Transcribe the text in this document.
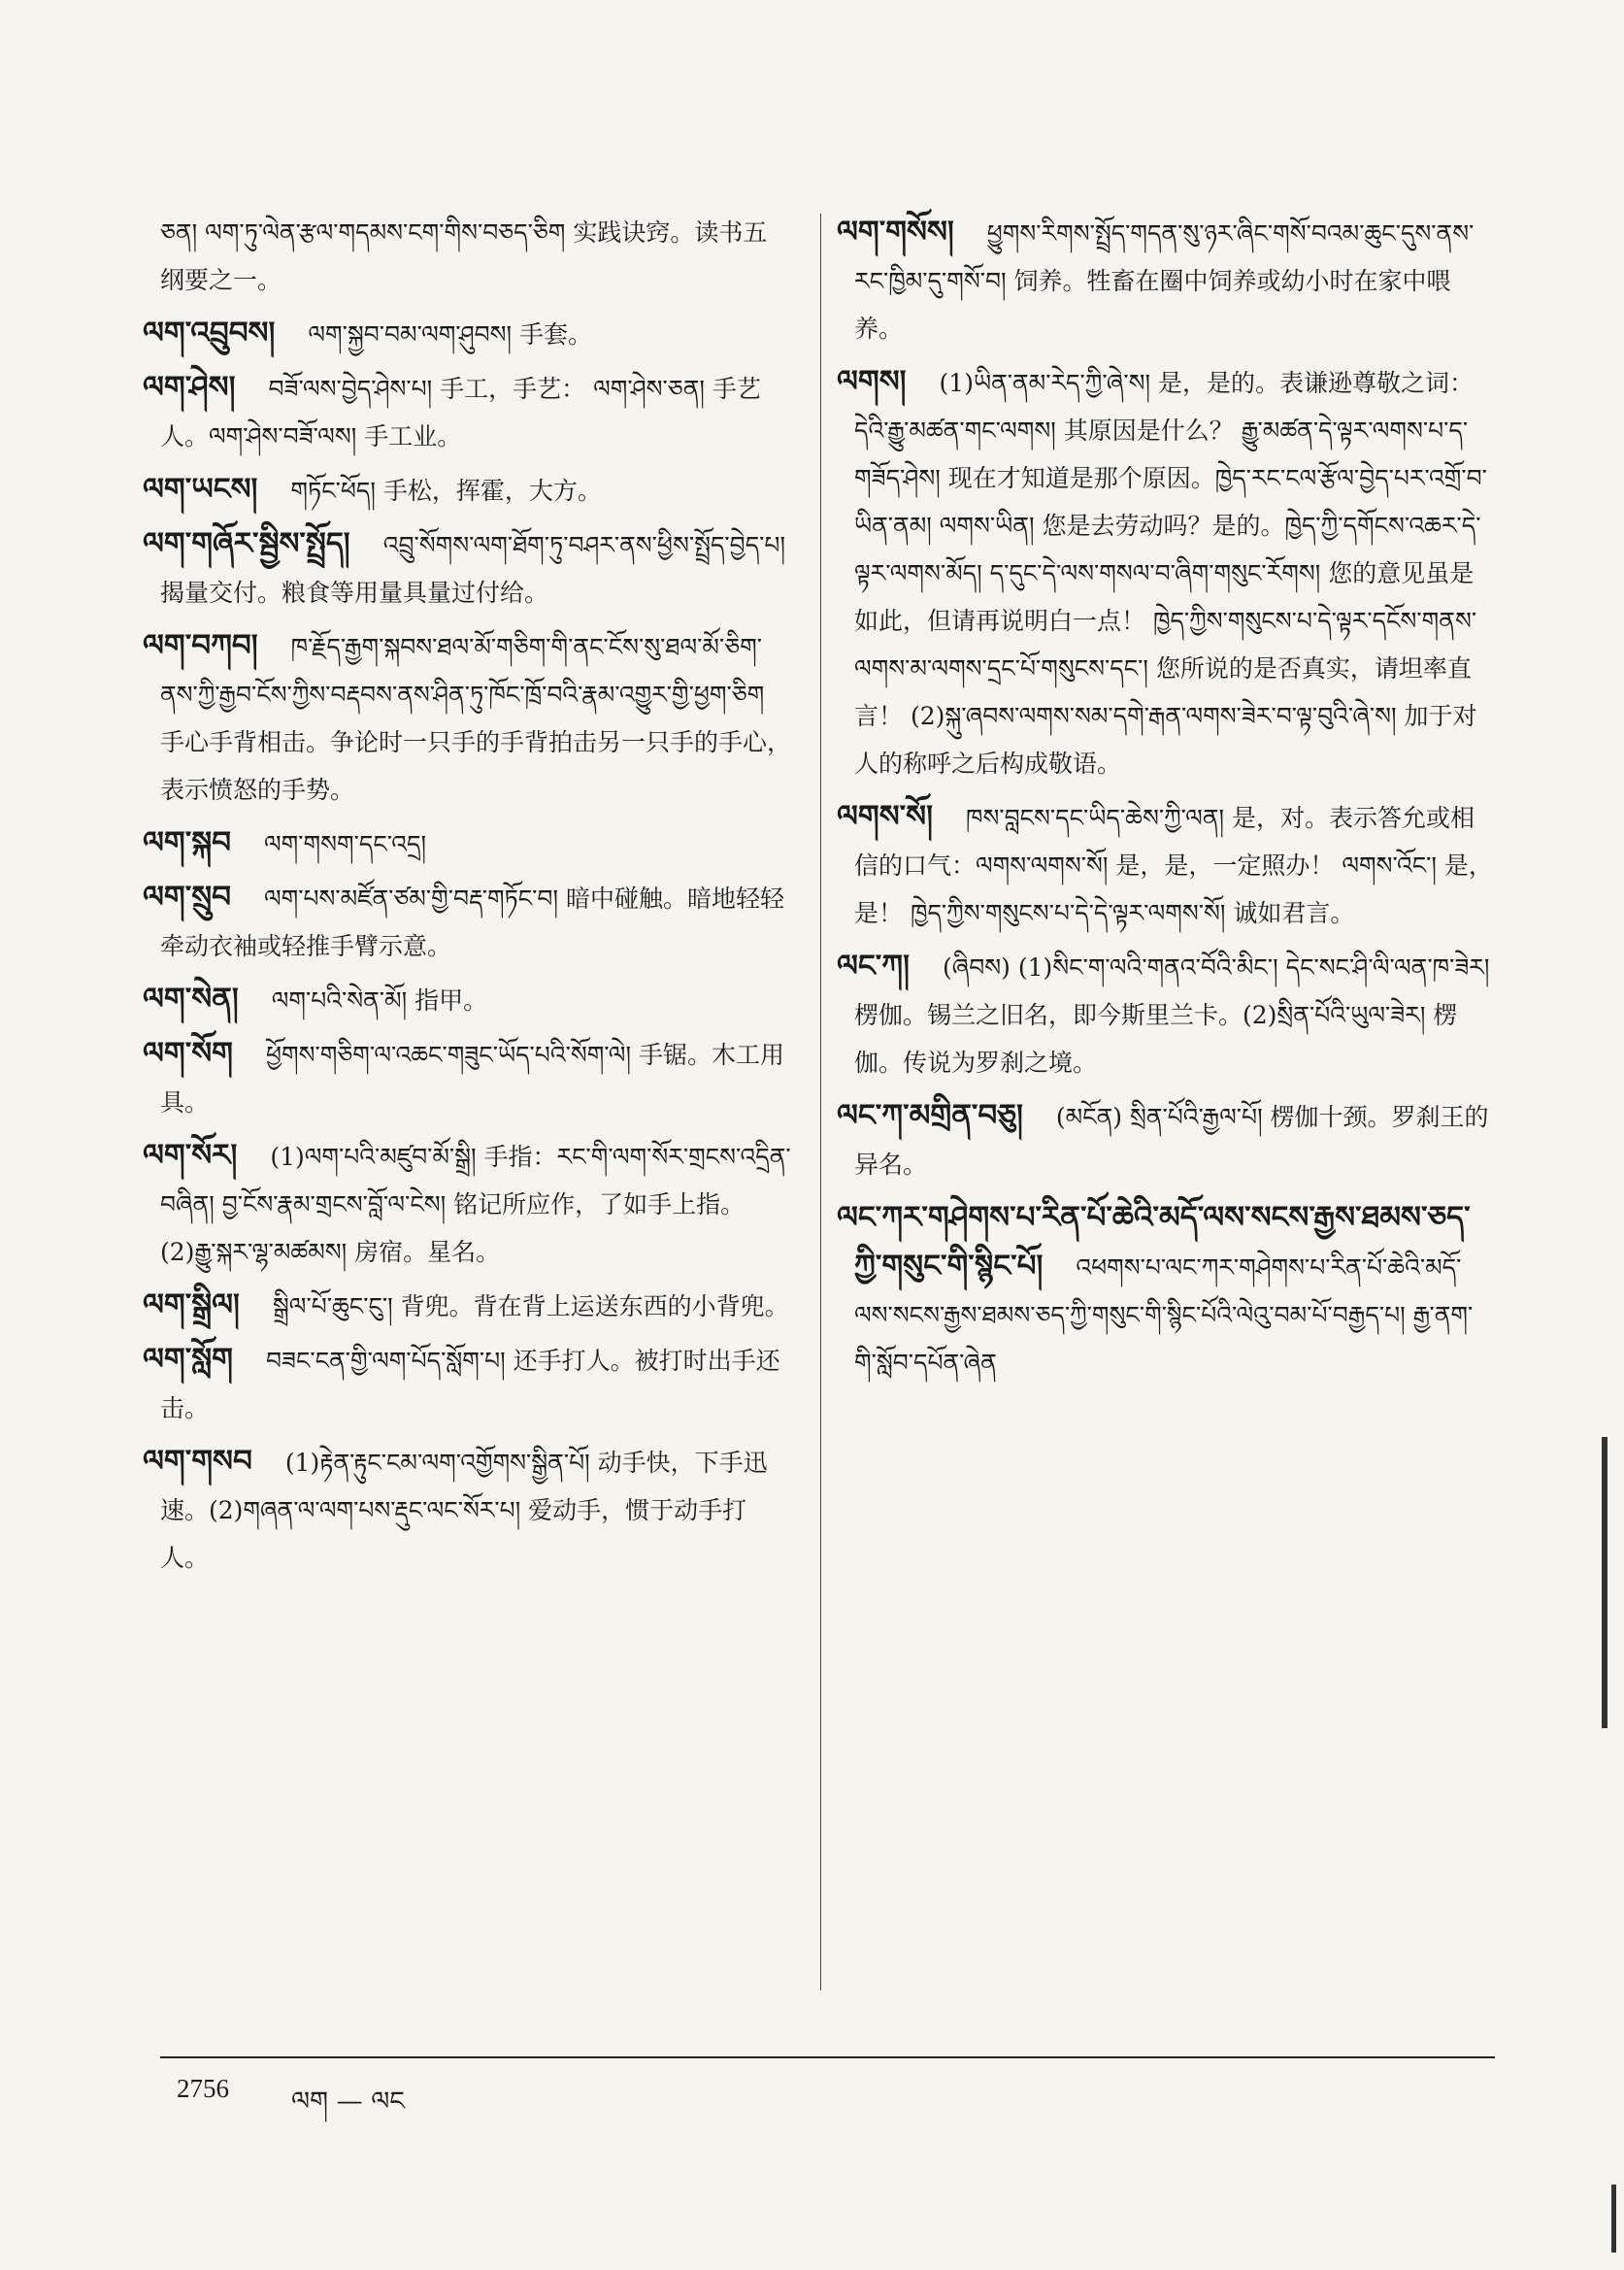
ཅན། ལག་ཏུ་ལེན་རྩལ་གདམས་ངག་གིས་བཅད་ཅིག 实践诀窍。读书五纲要之一。
ལག་འབྲུབས། ལག་སྐྱབ་བམ་ལག་ཤུབས། 手套。
ལག་ཤེས། བཟོ་ལས་བྱེད་ཤེས་པ། 手工，手艺： ལག་ཤེས་ཅན། 手艺人。ལག་ཤེས་བཟོ་ལས། 手工业。
ལག་ཡངས། གཏོང་ཕོད། 手松，挥霍，大方。
ལག་གཞོར་སྦྱིས་སྤྲོད། འབྲུ་སོགས་ལག་ཐོག་ཏུ་བཤར་ནས་ཕྱིས་སྤྲོད་བྱེད་པ། 揭量交付。粮食等用量具量过付给。
ལག་བཀབ། ཁ་རྗོད་རྒྱག་སྐབས་ཐལ་མོ་གཅིག་གི་ནང་ངོས་སུ་ཐལ་མོ་ཅིག་ནས་ཀྱི་རྒྱབ་ངོས་ཀྱིས་བརྡབས་ནས་ཤིན་ཏུ་ཁོང་ཁྲོ་བའི་རྣམ་འགྱུར་གྱི་ཕྱག་ཅིག 手心手背相击。争论时一只手的手背拍击另一只手的手心，表示愤怒的手势。
ལག་སྐབ ལག་གསག་དང་འདྲ།
ལག་སྲུབ ལག་པས་མཛོན་ཙམ་གྱི་བརྡ་གཏོང་བ། 暗中碰触。暗地轻轻牵动衣袖或轻推手臂示意。
ལག་སེན། ལག་པའི་སེན་མོ། 指甲。
ལག་སོག ཕྱོགས་གཅིག་ལ་འཆང་གཟུང་ཡོད་པའི་སོག་ལེ། 手锯。木工用具。
ལག་སོར། (1)ལག་པའི་མཛུབ་མོ་སྒྲི། 手指：རང་གི་ལག་སོར་གྲངས་འདྲིན་བཞིན། བྱ་ངོས་རྣམ་གྲངས་བློ་ལ་ངེས། 铭记所应作，了如手上指。(2)རྒྱུ་སྐར་ལྷ་མཚམས། 房宿。星名。
ལག་སྒྲིལ། སྒྲིལ་པོ་ཆུང་ངུ་། 背兜。背在背上运送东西的小背兜。
ལག་སློག བཟང་ངན་གྱི་ལག་པོད་སློག་པ། 还手打人。被打时出手还击。
ལག་གསབ (1)རྟེན་རྟུང་ངམ་ལག་འགྱོགས་སྒྱིན་པོ། 动手快，下手迅速。(2)གཞན་ལ་ལག་པས་རྡུང་ལང་སོར་པ། 爱动手，惯于动手打人。
ལག་གསོས། ཕྱུགས་རིགས་སྤྲོད་གདན་སུ་ཉར་ཞིང་གསོ་བའམ་ཆུང་དུས་ནས་རང་ཁྱིམ་དུ་གསོ་བ། 饲养。牲畜在圈中饲养或幼小时在家中喂养。
ལགས། (1)ཡིན་ནམ་རེད་ཀྱི་ཞེ་ས། 是，是的。表谦逊尊敬之词：དེའི་རྒྱུ་མཚན་གང་ལགས། 其原因是什么？ རྒྱུ་མཚན་དེ་ལྟར་ལགས་པ་ད་གཟོད་ཤེས། 现在才知道是那个原因。ཁྱེད་རང་ངལ་རྩོལ་བྱེད་པར་འགྲོ་བ་ཡིན་ནམ། ལགས་ཡིན། 您是去劳动吗？是的。ཁྱེད་ཀྱི་དགོངས་འཆར་དེ་ལྟར་ལགས་མོད། ད་དུང་དེ་ལས་གསལ་བ་ཞིག་གསུང་རོགས། 您的意见虽是如此，但请再说明白一点！ ཁྱེད་ཀྱིས་གསུངས་པ་དེ་ལྟར་དངོས་གནས་ལགས་མ་ལགས་དྲང་པོ་གསུངས་དང་། 您所说的是否真实，请坦率直言！ (2)སྐུ་ཞབས་ལགས་སམ་དགེ་རྒན་ལགས་ཟེར་བ་ལྟ་བུའི་ཞེ་ས། 加于对人的称呼之后构成敬语。
ལགས་སོ། ཁས་བླངས་དང་ཡིད་ཆེས་ཀྱི་ལན། 是，对。表示答允或相信的口气：ལགས་ལགས་སོ། 是，是，一定照办！ ལགས་འོང་། 是，是！ ཁྱེད་ཀྱིས་གསུངས་པ་དེ་དེ་ལྟར་ལགས་སོ། 诚如君言。
ལང་ཀ། (ཞིབས) (1)སིང་ག་ལའི་གནའ་བོའི་མིང་། དེང་སང་ཤི་ལི་ལན་ཁ་ཟེར། 楞伽。锡兰之旧名，即今斯里兰卡。(2)སྲིན་པོའི་ཡུལ་ཟེར། 楞伽。传说为罗刹之境。
ལང་ཀ་མགྲིན་བཅུ། (མངོན) སྲིན་པོའི་རྒྱལ་པོ། 楞伽十颈。罗刹王的异名。
ལང་ཀར་གཤེགས་པ་རིན་པོ་ཆེའི་མདོ་ལས་སངས་རྒྱས་ཐམས་ཅད་ཀྱི་གསུང་གི་སྙིང་པོ། འཕགས་པ་ལང་ཀར་གཤེགས་པ་རིན་པོ་ཆེའི་མདོ་ལས་སངས་རྒྱས་ཐམས་ཅད་ཀྱི་གསུང་གི་སྙིང་པོའི་ལེའུ་བམ་པོ་བརྒྱད་པ། རྒྱ་ནག་གི་སློབ་དཔོན་ཞེན
2756 ལག — ལང
